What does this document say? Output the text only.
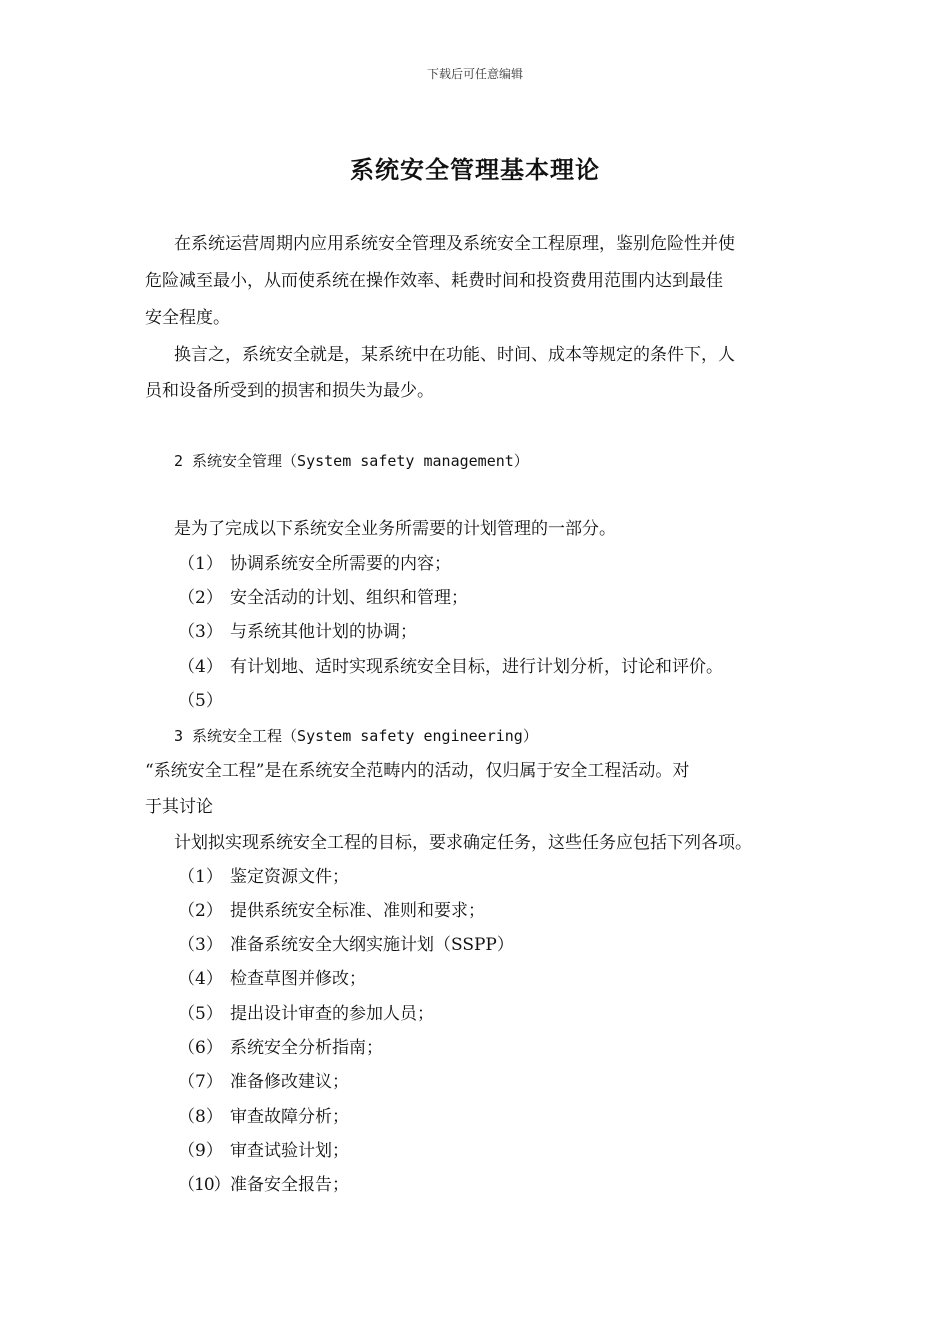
下载后可任意编辑
系统安全管理基本理论
在系统运营周期内应用系统安全管理及系统安全工程原理，鉴别危险性并使
危险减至最小，从而使系统在操作效率、耗费时间和投资费用范围内达到最佳
安全程度。
换言之，系统安全就是，某系统中在功能、时间、成本等规定的条件下，人
员和设备所受到的损害和损失为最少。
2 系统安全管理（System safety management）
是为了完成以下系统安全业务所需要的计划管理的一部分。
（1） 协调系统安全所需要的内容；
（2） 安全活动的计划、组织和管理；
（3） 与系统其他计划的协调；
（4） 有计划地、适时实现系统安全目标，进行计划分析，讨论和评价。
（5）
3 系统安全工程（System safety engineering）
“系统安全工程”是在系统安全范畴内的活动，仅归属于安全工程活动。对
于其讨论
计划拟实现系统安全工程的目标，要求确定任务，这些任务应包括下列各项。
（1） 鉴定资源文件；
（2） 提供系统安全标准、准则和要求；
（3） 准备系统安全大纲实施计划（SSPP）
（4） 检查草图并修改；
（5） 提出设计审查的参加人员；
（6） 系统安全分析指南；
（7） 准备修改建议；
（8） 审查故障分析；
（9） 审查试验计划；
（10）准备安全报告；
